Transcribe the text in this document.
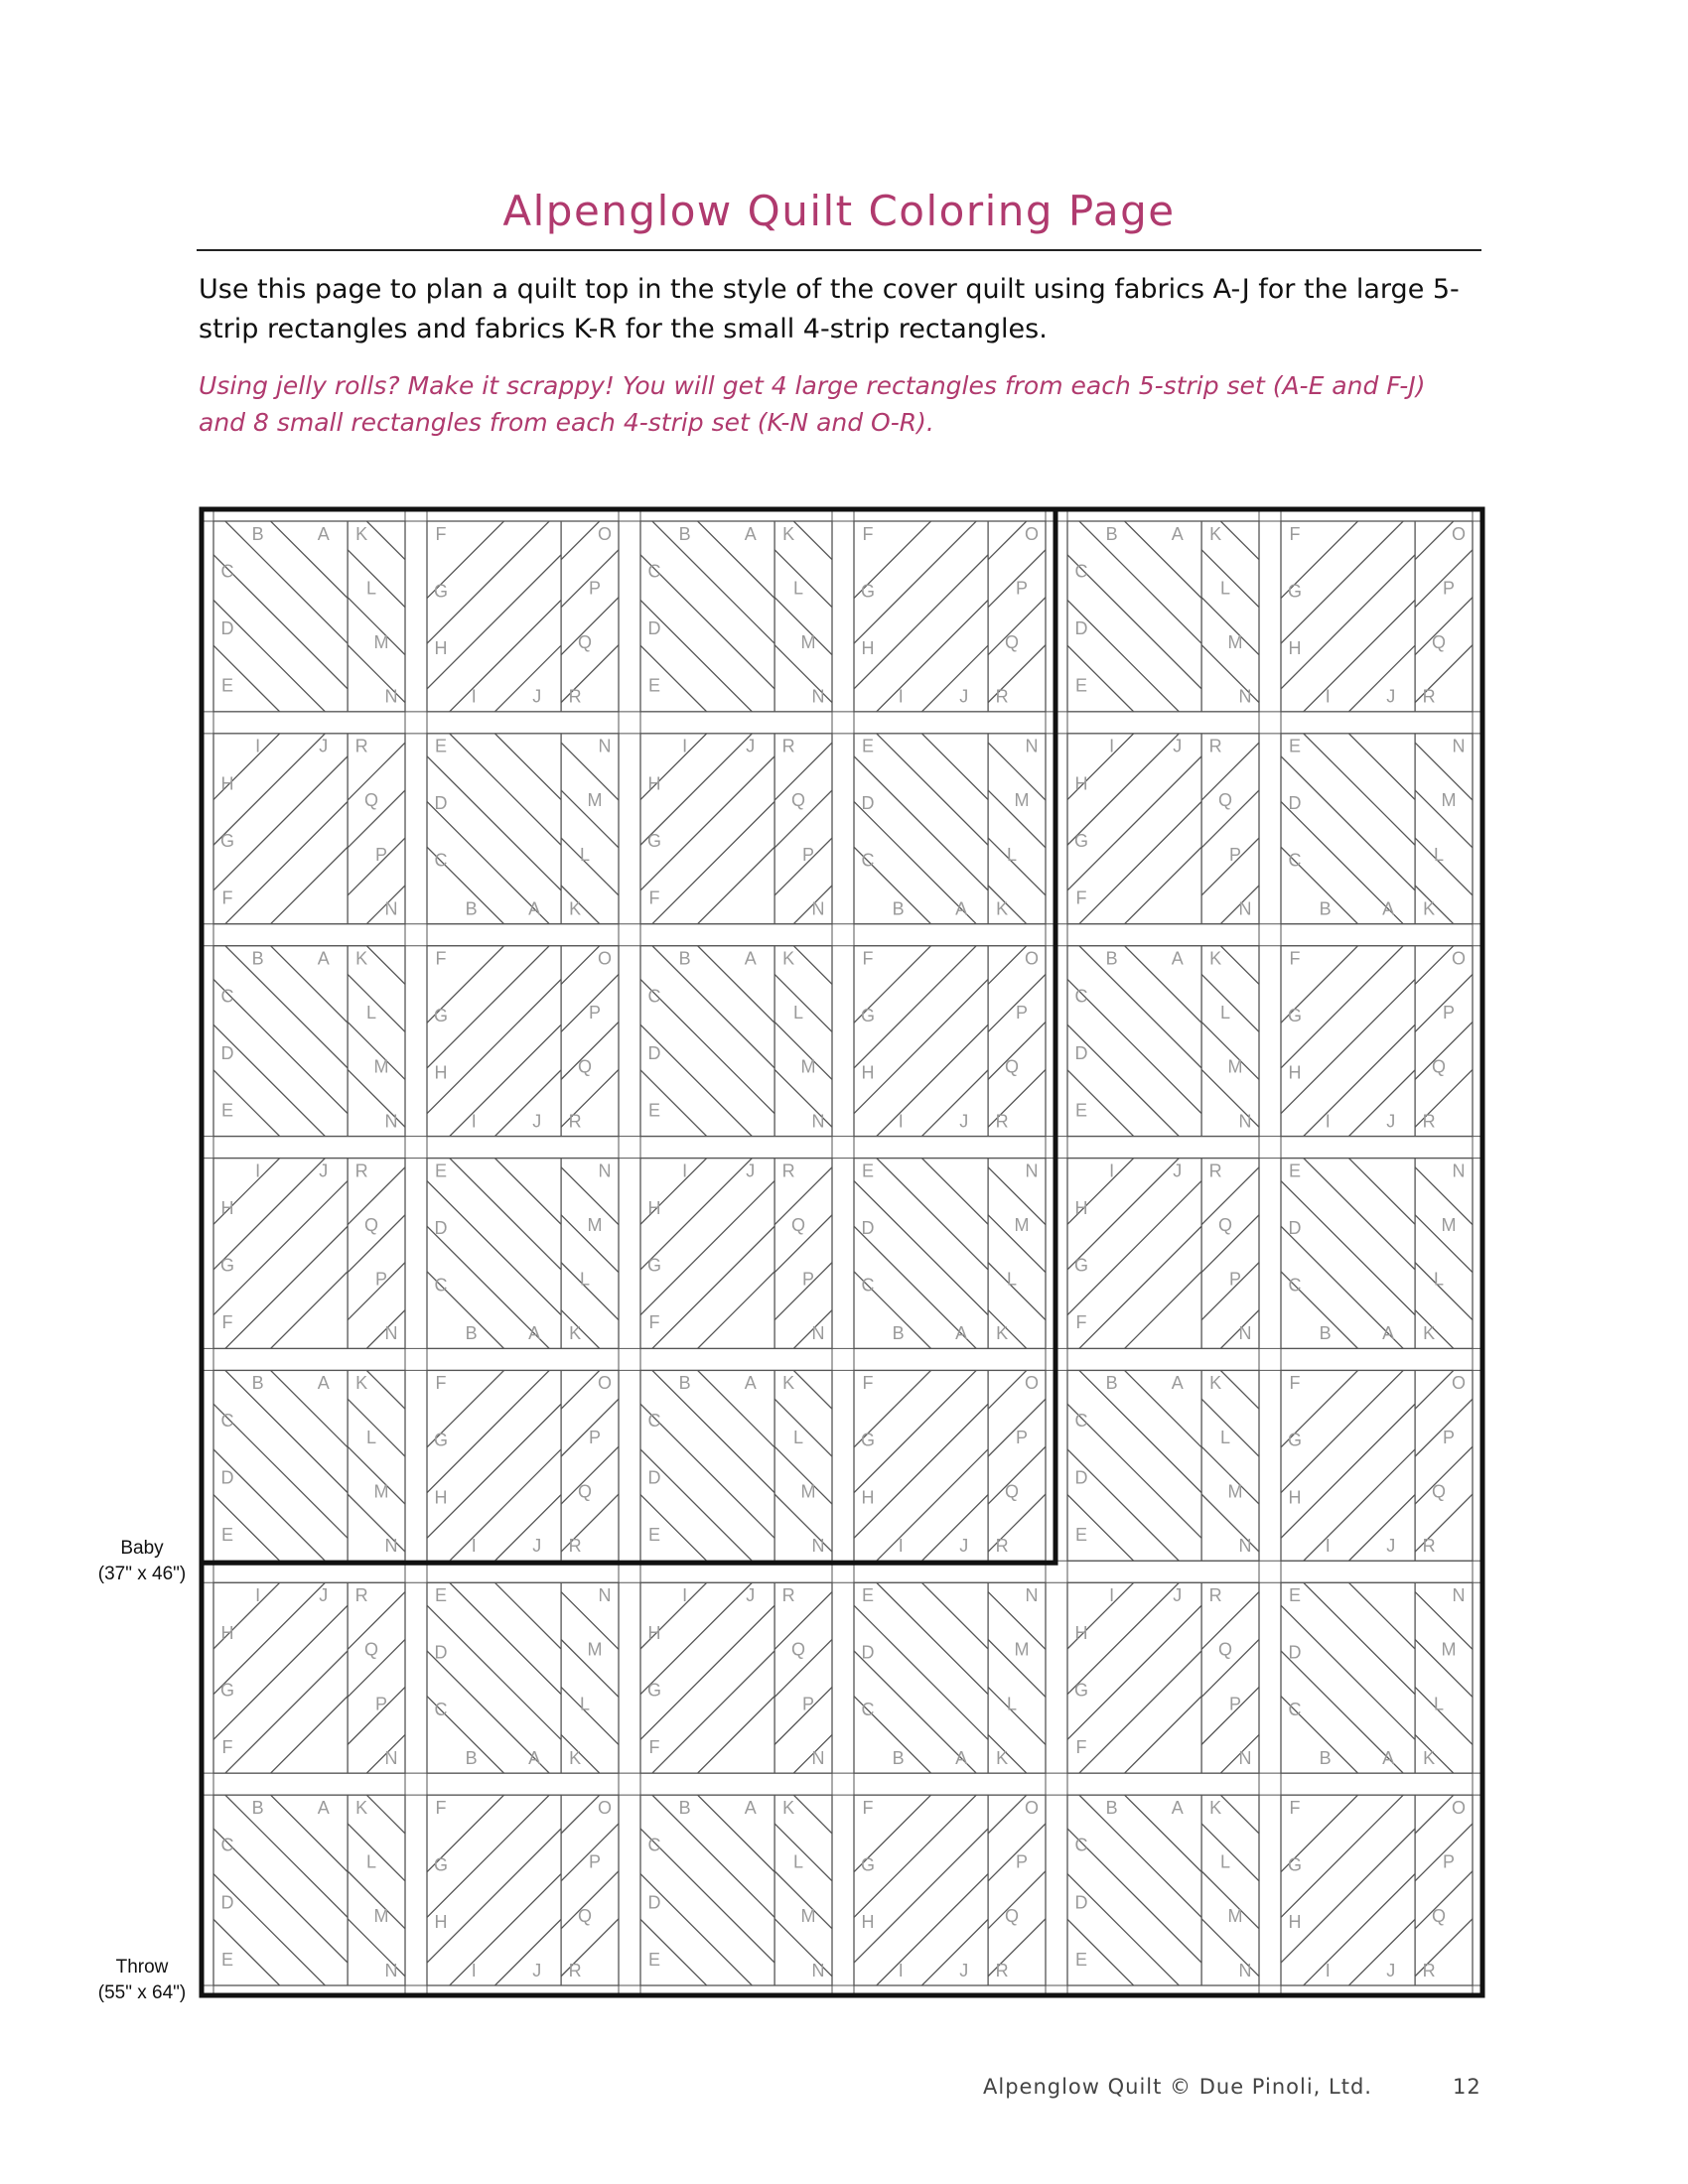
Alpenglow Quilt Coloring Page

Use this page to plan a quilt top in the style of the cover quilt using fabrics A-J for the large 5-strip rectangles and fabrics K-R for the small 4-strip rectangles.

Using jelly rolls? Make it scrappy! You will get 4 large rectangles from each 5-strip set (A-E and F-J) and 8 small rectangles from each 4-strip set (K-N and O-R).

Baby
(37" x 46")
Throw
(55" x 64")
B	A
C
D
E
K
L
M
N
F
G
H
I	J
O
P
Q
R
B	A
C
D
E
K
L
M
N
F
G
H
I	J
O
P
Q
R
B	A
C
D
E
K
L
M
N
F
G
H
I	J
O
P
Q
R
I	J
H
G
F
R
Q
P
N
E
D
C
B	A
N
M
L
K
I	J
H
G
F
R
Q
P
N
E
D
C
B	A
N
M
L
K
I	J
H
G
F
R
Q
P
N
E
D
C
B	A
N
M
L
K
B	A
C
D
E
K
L
M
N
F
G
H
I	J
O
P
Q
R
B	A
C
D
E
K
L
M
N
F
G
H
I	J
O
P
Q
R
B	A
C
D
E
K
L
M
N
F
G
H
I	J
O
P
Q
R
I	J
H
G
F
R
Q
P
N
E
D
C
B	A
N
M
L
K
I	J
H
G
F
R
Q
P
N
E
D
C
B	A
N
M
L
K
I	J
H
G
F
R
Q
P
N
E
D
C
B	A
N
M
L
K
B	A
C
D
E
K
L
M
N
F
G
H
I	J
O
P
Q
R
B	A
C
D
E
K
L
M
N
F
G
H
I	J
O
P
Q
R
B	A
C
D
E
K
L
M
N
F
G
H
I	J
O
P
Q
R
I	J
H
G
F
R
Q
P
N
E
D
C
B	A
N
M
L
K
I	J
H
G
F
R
Q
P
N
E
D
C
B	A
N
M
L
K
I	J
H
G
F
R
Q
P
N
E
D
C
B	A
N
M
L
K
B	A
C
D
E
K
L
M
N
F
G
H
I	J
O
P
Q
R
B	A
C
D
E
K
L
M
N
F
G
H
I	J
O
P
Q
R
B	A
C
D
E
K
L
M
N
F
G
H
I	J
O
P
Q
R
Alpenglow Quilt © Due Pinoli, Ltd.	12
